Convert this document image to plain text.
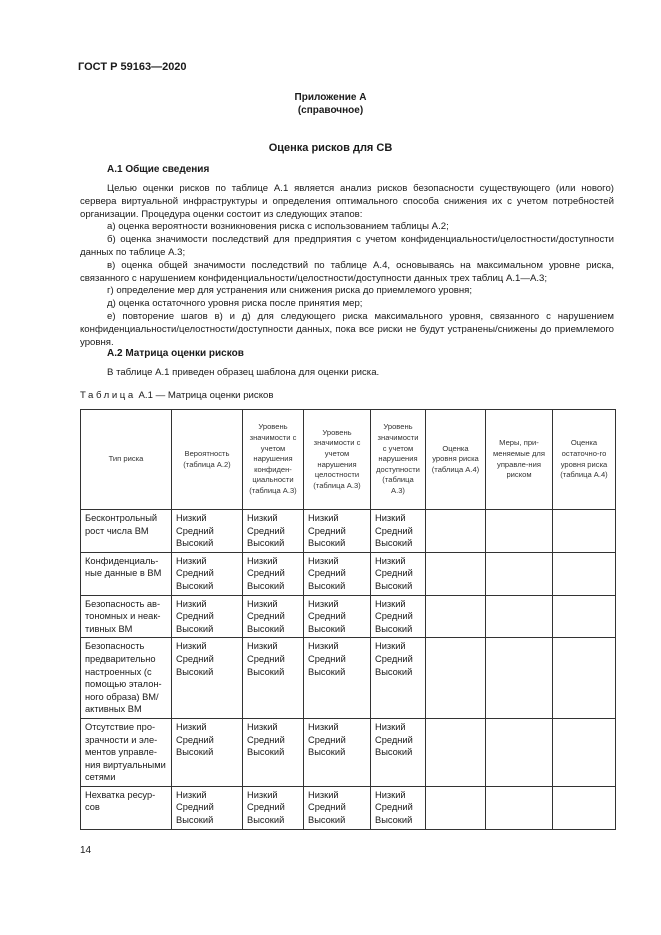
ГОСТ Р 59163—2020
Приложение А
(справочное)
Оценка рисков для СВ
А.1 Общие сведения

Целью оценки рисков по таблице А.1 является анализ рисков безопасности существующего (или нового) сервера виртуальной инфраструктуры и определения оптимального способа снижения их с учетом потребностей организации. Процедура оценки состоит из следующих этапов:

а) оценка вероятности возникновения риска с использованием таблицы А.2;

б) оценка значимости последствий для предприятия с учетом конфиденциальности/целостности/доступности данных по таблице А.3;

в) оценка общей значимости последствий по таблице А.4, основываясь на максимальном уровне риска, связанного с нарушением конфиденциальности/целостности/доступности данных трех таблиц А.1—А.3;

г) определение мер для устранения или снижения риска до приемлемого уровня;

д) оценка остаточного уровня риска после принятия мер;

е) повторение шагов в) и д) для следующего риска максимального уровня, связанного с нарушением конфиденциальности/целостности/доступности данных, пока все риски не будут устранены/снижены до приемлемого уровня.

А.2 Матрица оценки рисков

В таблице А.1 приведен образец шаблона для оценки риска.

Таблица А.1 — Матрица оценки рисков
Тип риска	Вероятность (таблица А.2)	Уровень значимости с учетом нарушения конфиден-циальности (таблица А.3)	Уровень значимости с учетом нарушения целостности (таблица А.3)	Уровень значимости с учетом нарушения доступности (таблица А.3)	Оценка уровня риска (таблица А.4)	Меры, при-меняемые для управле-ния риском	Оценка остаточно-го уровня риска (таблица А.4)
Бесконтрольный рост числа ВМ	Низкий
Средний
Высокий	Низкий
Средний
Высокий	Низкий
Средний
Высокий	Низкий
Средний
Высокий			

Конфиденциаль-ные данные в ВМ	Низкий
Средний
Высокий	Низкий
Средний
Высокий	Низкий
Средний
Высокий	Низкий
Средний
Высокий			

Безопасность ав-тономных и неак-тивных ВМ	Низкий
Средний
Высокий	Низкий
Средний
Высокий	Низкий
Средний
Высокий	Низкий
Средний
Высокий			

Безопасность предварительно настроенных (с помощью эталон-ного образа) ВМ/ активных ВМ	Низкий
Средний
Высокий	Низкий
Средний
Высокий	Низкий
Средний
Высокий	Низкий
Средний
Высокий			

Отсутствие про-зрачности и эле-ментов управле-ния виртуальными сетями	Низкий
Средний
Высокий	Низкий
Средний
Высокий	Низкий
Средний
Высокий	Низкий
Средний
Высокий			

Нехватка ресур-сов	Низкий
Средний
Высокий	Низкий
Средний
Высокий	Низкий
Средний
Высокий	Низкий
Средний
Высокий			

14
